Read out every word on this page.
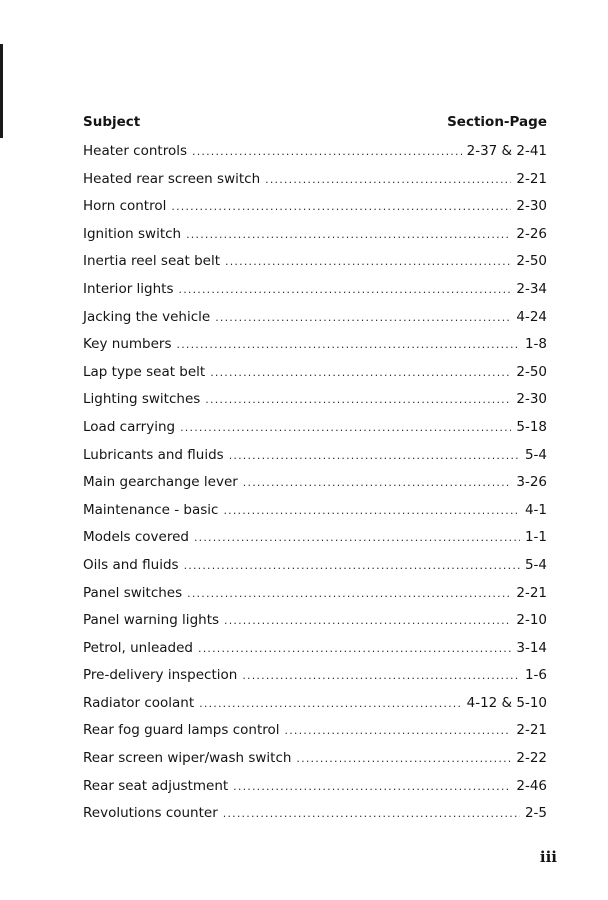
Subject	Section-Page
Heater controls .....	2-37 & 2-41
Heated rear screen switch .....	2-21
Horn control .....	2-30
Ignition switch .....	2-26
Inertia reel seat belt .....	2-50
Interior lights .....	2-34
Jacking the vehicle .....	4-24
Key numbers .....	1-8
Lap type seat belt .....	2-50
Lighting switches .....	2-30
Load carrying .....	5-18
Lubricants and fluids .....	5-4
Main gearchange lever .....	3-26
Maintenance - basic .....	4-1
Models covered .....	1-1
Oils and fluids .....	5-4
Panel switches .....	2-21
Panel warning lights .....	2-10
Petrol, unleaded .....	3-14
Pre-delivery inspection .....	1-6
Radiator coolant .....	4-12 & 5-10
Rear fog guard lamps control .....	2-21
Rear screen wiper/wash switch .....	2-22
Rear seat adjustment .....	2-46
Revolutions counter .....	2-5
iii
